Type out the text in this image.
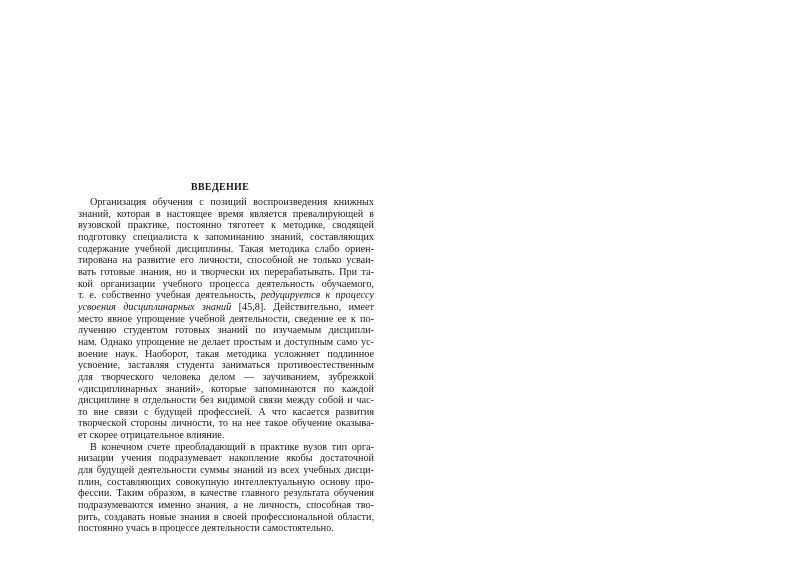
ВВЕДЕНИЕ
Организация обучения с позиций воспроизведения книжных
знаний, которая в настоящее время является превалирующей в
вузовской практике, постоянно тяготеет к методике, сводящей
подготовку специалиста к запоминанию знаний, составляющих
содержание учебной дисциплины. Такая методика слабо ориен-
тирована на развитие его личности, способной не только усваи-
вать готовые знания, но и творчески их перерабатывать. При та-
кой организации учебного процесса деятельность обучаемого,
т. е. собственно учебная деятельность, редуцируется к процессу
усвоения дисциплинарных знаний [45,8]. Действительно, имеет
место явное упрощение учебной деятельности, сведение ее к по-
лучению студентом готовых знаний по изучаемым дисципли-
нам. Однако упрощение не делает простым и доступным само ус-
воение наук. Наоборот, такая методика усложняет подлинное
усвоение, заставляя студента заниматься противоестественным
для творческого человека делом — заучиванием, зубрежкой
«дисциплинарных знаний», которые запоминаются по каждой
дисциплине в отдельности без видимой связи между собой и час-
то вне связи с будущей профессией. А что касается развития
творческой стороны личности, то на нее такое обучение оказыва-
ет скорее отрицательное влияние.
В конечном счете преобладающий в практике вузов тип орга-
низации учения подразумевает накопление якобы достаточной
для будущей деятельности суммы знаний из всех учебных дисци-
плин, составляющих совокупную интеллектуальную основу про-
фессии. Таким образом, в качестве главного результата обучения
подразумеваются именно знания, а не личность, способная тво-
рить, создавать новые знания в своей профессиональной области,
постоянно учась в процессе деятельности самостоятельно.
